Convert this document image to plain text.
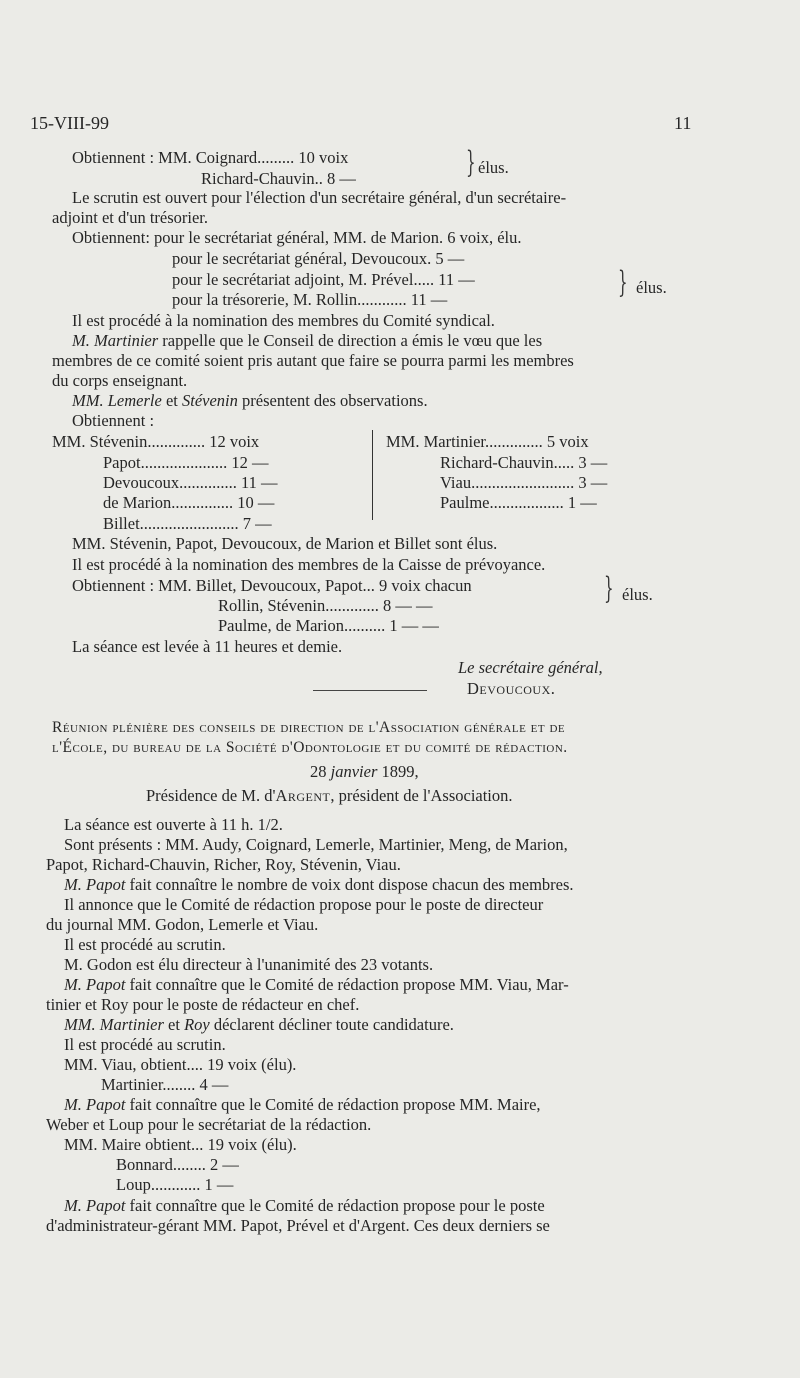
15-VIII-99	11
Obtiennent : MM. Coignard......... 10 voix
Richard-Chauvin.. 8 —	} élus.
Le scrutin est ouvert pour l'élection d'un secrétaire général, d'un secrétaire-
adjoint et d'un trésorier.
Obtiennent: pour le secrétariat général, MM. de Marion. 6 voix, élu.
pour le secrétariat général, Devoucoux. 5 —
pour le secrétariat adjoint, M. Prével..... 11 —
pour la trésorerie, M. Rollin............ 11 —	} élus.
Il est procédé à la nomination des membres du Comité syndical.
M. Martinier rappelle que le Conseil de direction a émis le vœu que les
membres de ce comité soient pris autant que faire se pourra parmi les membres
du corps enseignant.
MM. Lemerle et Stévenin présentent des observations.
Obtiennent :
MM. Stévenin.............. 12 voix
Papot..................... 12 —
Devoucoux.............. 11 —
de Marion............... 10 —
Billet........................ 7 —
MM. Martinier.............. 5 voix
Richard-Chauvin..... 3 —
Viau......................... 3 —
Paulme.................. 1 —
MM. Stévenin, Papot, Devoucoux, de Marion et Billet sont élus.
Il est procédé à la nomination des membres de la Caisse de prévoyance.
Obtiennent : MM. Billet, Devoucoux, Papot... 9 voix chacun
Rollin, Stévenin............. 8 — —
Paulme, de Marion.......... 1 — —
} élus.
La séance est levée à 11 heures et demie.
Le secrétaire général,
Devoucoux.
Réunion plénière des conseils de direction de l'Association générale et de
l'École, du bureau de la Société d'Odontologie et du comité de rédaction.
28 janvier 1899,
Présidence de M. d'Argent, président de l'Association.
La séance est ouverte à 11 h. 1/2.
Sont présents : MM. Audy, Coignard, Lemerle, Martinier, Meng, de Marion,
Papot, Richard-Chauvin, Richer, Roy, Stévenin, Viau.
M. Papot fait connaître le nombre de voix dont dispose chacun des membres.
Il annonce que le Comité de rédaction propose pour le poste de directeur
du journal MM. Godon, Lemerle et Viau.
Il est procédé au scrutin.
M. Godon est élu directeur à l'unanimité des 23 votants.
M. Papot fait connaître que le Comité de rédaction propose MM. Viau, Mar-
tinier et Roy pour le poste de rédacteur en chef.
MM. Martinier et Roy déclarent décliner toute candidature.
Il est procédé au scrutin.
MM. Viau, obtient.... 19 voix (élu).
Martinier........ 4 —
M. Papot fait connaître que le Comité de rédaction propose MM. Maire,
Weber et Loup pour le secrétariat de la rédaction.
MM. Maire obtient... 19 voix (élu).
Bonnard........ 2 —
Loup............ 1 —
M. Papot fait connaître que le Comité de rédaction propose pour le poste
d'administrateur-gérant MM. Papot, Prével et d'Argent. Ces deux derniers se
